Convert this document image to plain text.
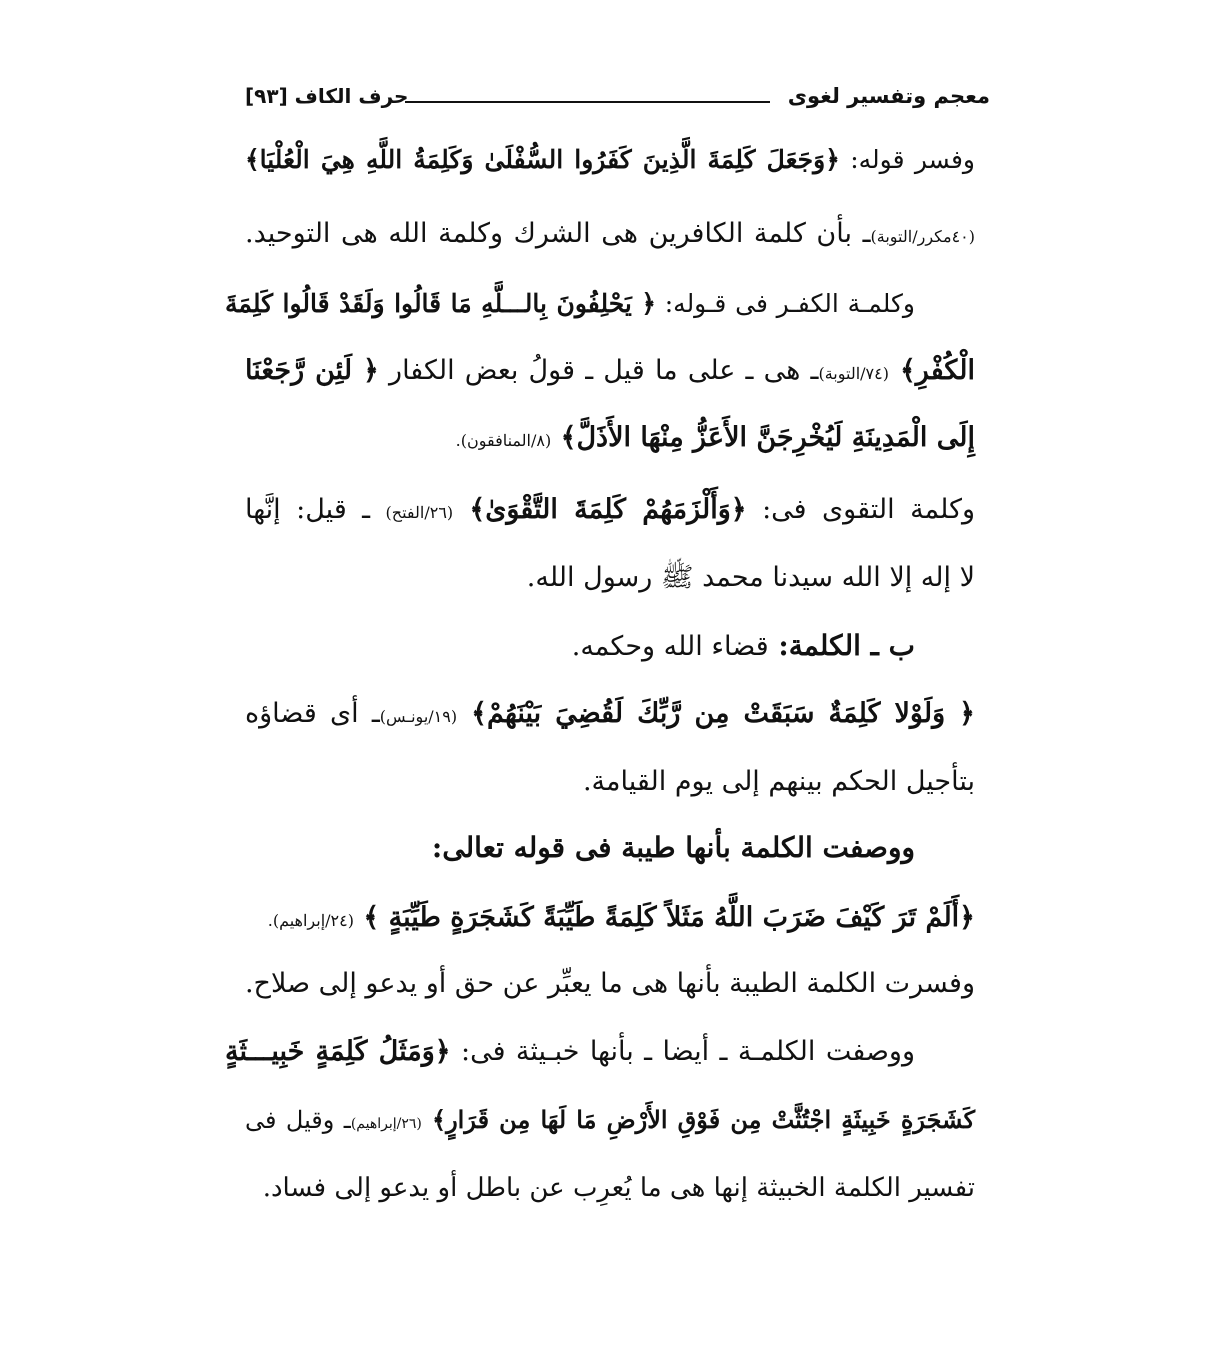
معجم وتفسير لغوى
حرف الكاف [٩٣]
وفسر قوله: ﴿وَجَعَلَ كَلِمَةَ الَّذِينَ كَفَرُوا السُّفْلَىٰ وَكَلِمَةُ اللَّهِ هِيَ الْعُلْيَا﴾
(٤٠مكرر/التوبة)ـ بأن كلمة الكافرين هى الشرك وكلمة الله هى التوحيد.
وكلمـة الكفـر فى قـوله: ﴿ يَحْلِفُونَ بِالـــلَّهِ مَا قَالُوا وَلَقَدْ قَالُوا كَلِمَةَ
الْكُفْرِ﴾ (٧٤/التوبة)ـ هى ـ على ما قيل ـ قولُ بعض الكفار ﴿ لَئِن رَّجَعْنَا
إِلَى الْمَدِينَةِ لَيُخْرِجَنَّ الأَعَزُّ مِنْهَا الأَذَلَّ﴾ (٨/المنافقون).
وكلمة التقوى فى: ﴿وَأَلْزَمَهُمْ كَلِمَةَ التَّقْوَىٰ﴾ (٢٦/الفتح) ـ قيل: إنَّها
لا إله إلا الله سيدنا محمد ﷺ رسول الله.
ب ـ الكلمة: قضاء الله وحكمه.
﴿ وَلَوْلا كَلِمَةٌ سَبَقَتْ مِن رَّبِّكَ لَقُضِيَ بَيْنَهُمْ﴾ (١٩/يونـس)ـ أى قضاؤه
بتأجيل الحكم بينهم إلى يوم القيامة.
ووصفت الكلمة بأنها طيبة فى قوله تعالى:
﴿أَلَمْ تَرَ كَيْفَ ضَرَبَ اللَّهُ مَثَلاً كَلِمَةً طَيِّبَةً كَشَجَرَةٍ طَيِّبَةٍ ﴾ (٢٤/إبراهيم).
وفسرت الكلمة الطيبة بأنها هى ما يعبِّر عن حق أو يدعو إلى صلاح.
ووصفت الكلمـة ـ أيضا ـ بأنها خبـيثة فى: ﴿وَمَثَلُ كَلِمَةٍ خَبِيـــثَةٍ
كَشَجَرَةٍ خَبِيثَةٍ اجْتُثَّتْ مِن فَوْقِ الأَرْضِ مَا لَهَا مِن قَرَارٍ﴾ (٢٦/إبراهيم)ـ وقيل فى
تفسير الكلمة الخبيثة إنها هى ما يُعرِب عن باطل أو يدعو إلى فساد.
